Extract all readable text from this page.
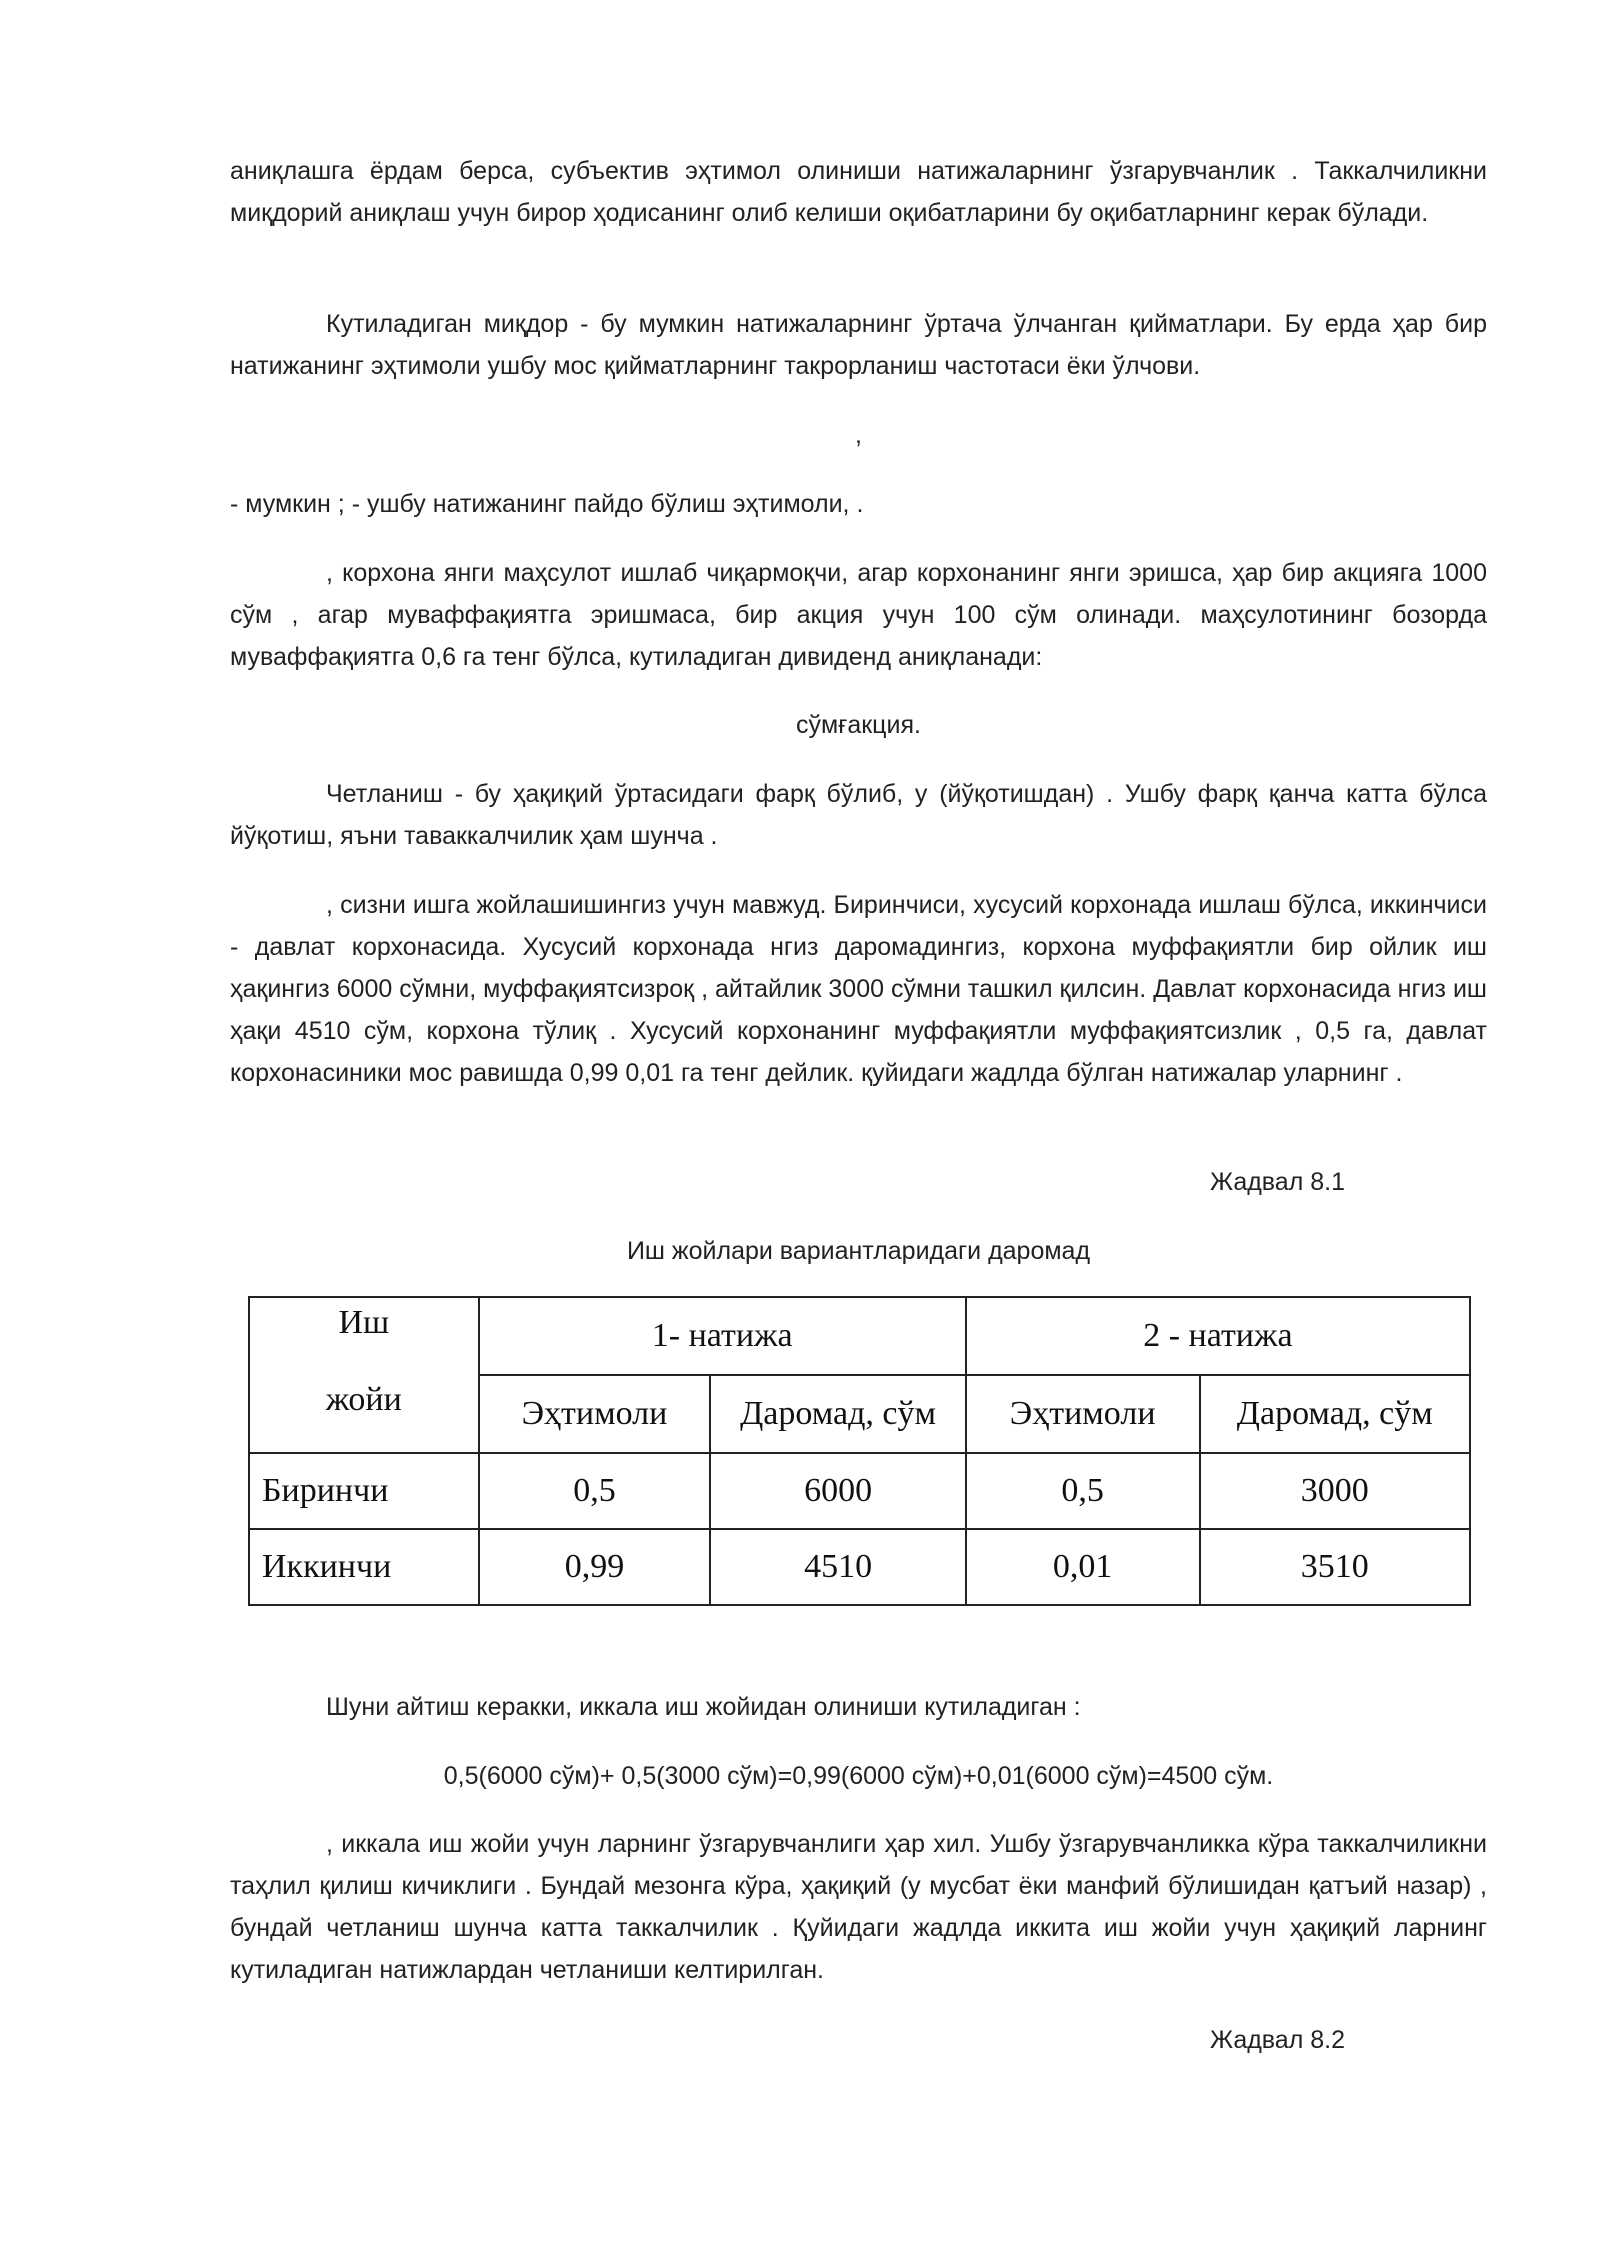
аниқлашга ёрдам берса, субъектив эҳтимол олиниши натижаларнинг ўзгарувчанлик . Таккалчиликни миқдорий аниқлаш учун бирор ҳодисанинг олиб келиши оқибатларини бу оқибатларнинг керак бўлади.

Кутиладиган миқдор - бу мумкин натижаларнинг ўртача ўлчанган қийматлари. Бу ерда ҳар бир натижанинг эҳтимоли ушбу мос қийматларнинг такрорланиш частотаси ёки ўлчови.

,

- мумкин ; - ушбу натижанинг пайдо бўлиш эҳтимоли, .

, корхона янги маҳсулот ишлаб чиқармоқчи, агар корхонанинг янги эришса, ҳар бир акцияга 1000 сўм , агар муваффақиятга эришмаса, бир акция учун 100 сўм олинади. маҳсулотининг бозорда муваффақиятга 0,6 га тенг бўлса, кутиладиган дивиденд аниқланади:

сўмғакция.

Четланиш - бу ҳақиқий ўртасидаги фарқ бўлиб, у (йўқотишдан) . Ушбу фарқ қанча катта бўлса йўқотиш, яъни таваккалчилик ҳам шунча .

, сизни ишга жойлашишингиз учун мавжуд. Биринчиси, хусусий корхонада ишлаш бўлса, иккинчиси - давлат корхонасида. Хусусий корхонада нгиз даромадингиз, корхона муффақиятли бир ойлик иш ҳақингиз 6000 сўмни, муффақиятсизроқ , айтайлик 3000 сўмни ташкил қилсин. Давлат корхонасида нгиз иш ҳақи 4510 сўм, корхона тўлиқ . Хусусий корхонанинг муффақиятли муффақиятсизлик , 0,5 га, давлат корхонасиники мос равишда 0,99 0,01 га тенг дейлик. қуйидаги жадлда бўлган натижалар уларнинг .

Жадвал 8.1

Иш жойлари вариантларидаги даромад

Иш
жойи	1- натижа		2 - натижа	
	Эҳтимоли	Даромад, сўм	Эҳтимоли	Даромад, сўм
Биринчи	0,5	6000	0,5	3000
Иккинчи	0,99	4510	0,01	3510

Шуни айтиш керакки, иккала иш жойидан олиниши кутиладиган :

0,5(6000 сўм)+ 0,5(3000 сўм)=0,99(6000 сўм)+0,01(6000 сўм)=4500 сўм.

, иккала иш жойи учун ларнинг ўзгарувчанлиги ҳар хил. Ушбу ўзгарувчанликка кўра таккалчиликни таҳлил қилиш кичиклиги . Бундай мезонга кўра, ҳақиқий (у мусбат ёки манфий бўлишидан қатъий назар) , бундай четланиш шунча катта таккалчилик . Қуйидаги жадлда иккита иш жойи учун ҳақиқий ларнинг кутиладиган натижлардан четланиши келтирилган.

Жадвал 8.2
